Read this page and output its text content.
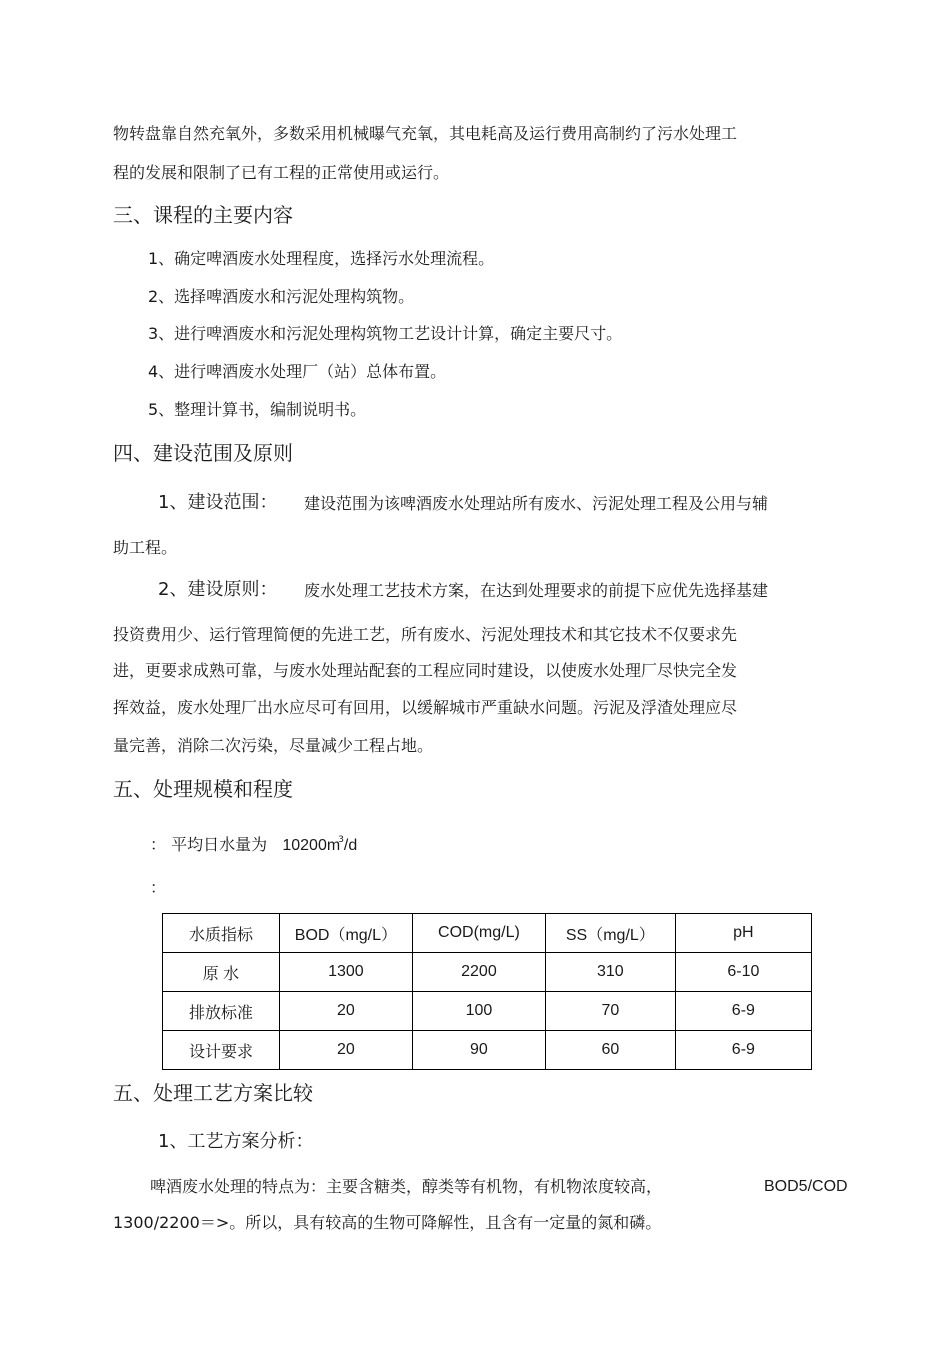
物转盘靠自然充氧外，多数采用机械曝气充氧，其电耗高及运行费用高制约了污水处理工
程的发展和限制了已有工程的正常使用或运行。
三、课程的主要内容
1、确定啤酒废水处理程度，选择污水处理流程。
2、选择啤酒废水和污泥处理构筑物。
3、进行啤酒废水和污泥处理构筑物工艺设计计算，确定主要尺寸。
4、进行啤酒废水处理厂（站）总体布置。
5、整理计算书，编制说明书。
四、建设范围及原则
1、建设范围： 建设范围为该啤酒废水处理站所有废水、污泥处理工程及公用与辅
助工程。
2、建设原则： 废水处理工艺技术方案，在达到处理要求的前提下应优先选择基建
投资费用少、运行管理简便的先进工艺，所有废水、污泥处理技术和其它技术不仅要求先
进，更要求成熟可靠，与废水处理站配套的工程应同时建设，以使废水处理厂尽快完全发
挥效益，废水处理厂出水应尽可有回用，以缓解城市严重缺水问题。污泥及浮渣处理应尽
量完善，消除二次污染，尽量减少工程占地。
五、处理规模和程度
： 平均日水量为 $10200m^3/d$
：
水质指标	BOD（mg/L）	COD(mg/L)	SS（mg/L）	pH
原 水	1300	2200	310	6-10
排放标准	20	100	70	6-9
设计要求	20	90	60	6-9
五、处理工艺方案比较
1、工艺方案分析：
啤酒废水处理的特点为：主要含糖类，醇类等有机物，有机物浓度较高，	BOD5/COD
1300/2200＝>。所以，具有较高的生物可降解性，且含有一定量的氮和磷。
